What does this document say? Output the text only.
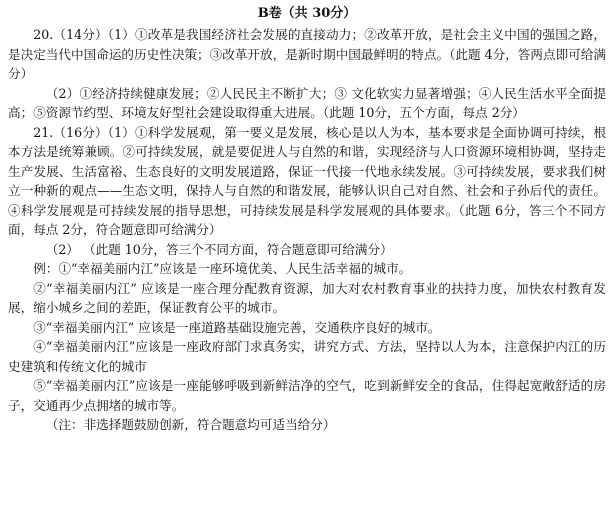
B卷（共 30分）

20.（14分）（1）①改革是我国经济社会发展的直接动力；②改革开放，是社会主义中国的强国之路，是决定当代中国命运的历史性决策；③改革开放，是新时期中国最鲜明的特点。（此题 4分，答两点即可给满分）

（2）①经济持续健康发展；②人民民主不断扩大；③ 文化软实力显著增强；④人民生活水平全面提高；⑤资源节约型、环境友好型社会建设取得重大进展。（此题 10分，五个方面，每点 2分）

21.（16分）（1）①科学发展观，第一要义是发展，核心是以人为本，基本要求是全面协调可持续，根本方法是统筹兼顾。②可持续发展，就是要促进人与自然的和谐，实现经济与人口资源环境相协调，坚持走生产发展、生活富裕、生态良好的文明发展道路，保证一代接一代地永续发展。③可持续发展，要求我们树立一种新的观点——生态文明，保持人与自然的和谐发展，能够认识自己对自然、社会和子孙后代的责任。④科学发展观是可持续发展的指导思想，可持续发展是科学发展观的具体要求。（此题 6分，答三个不同方面，每点 2分，符合题意即可给满分）

（2） （此题 10分，答三个不同方面，符合题意即可给满分）

例：①“幸福美丽内江”应该是一座环境优美、人民生活幸福的城市。

②“幸福美丽内江” 应该是一座合理分配教育资源，加大对农村教育事业的扶持力度，加快农村教育发展，缩小城乡之间的差距，保证教育公平的城市。

③“幸福美丽内江” 应该是一座道路基础设施完善，交通秩序良好的城市。

④“幸福美丽内江”应该是一座政府部门求真务实，讲究方式、方法，坚持以人为本，注意保护内江的历史建筑和传统文化的城市

⑤“幸福美丽内江”应该是一座能够呼吸到新鲜洁净的空气，吃到新鲜安全的食品，住得起宽敞舒适的房子，交通再少点拥堵的城市等。

（注：非选择题鼓励创新，符合题意均可适当给分）
